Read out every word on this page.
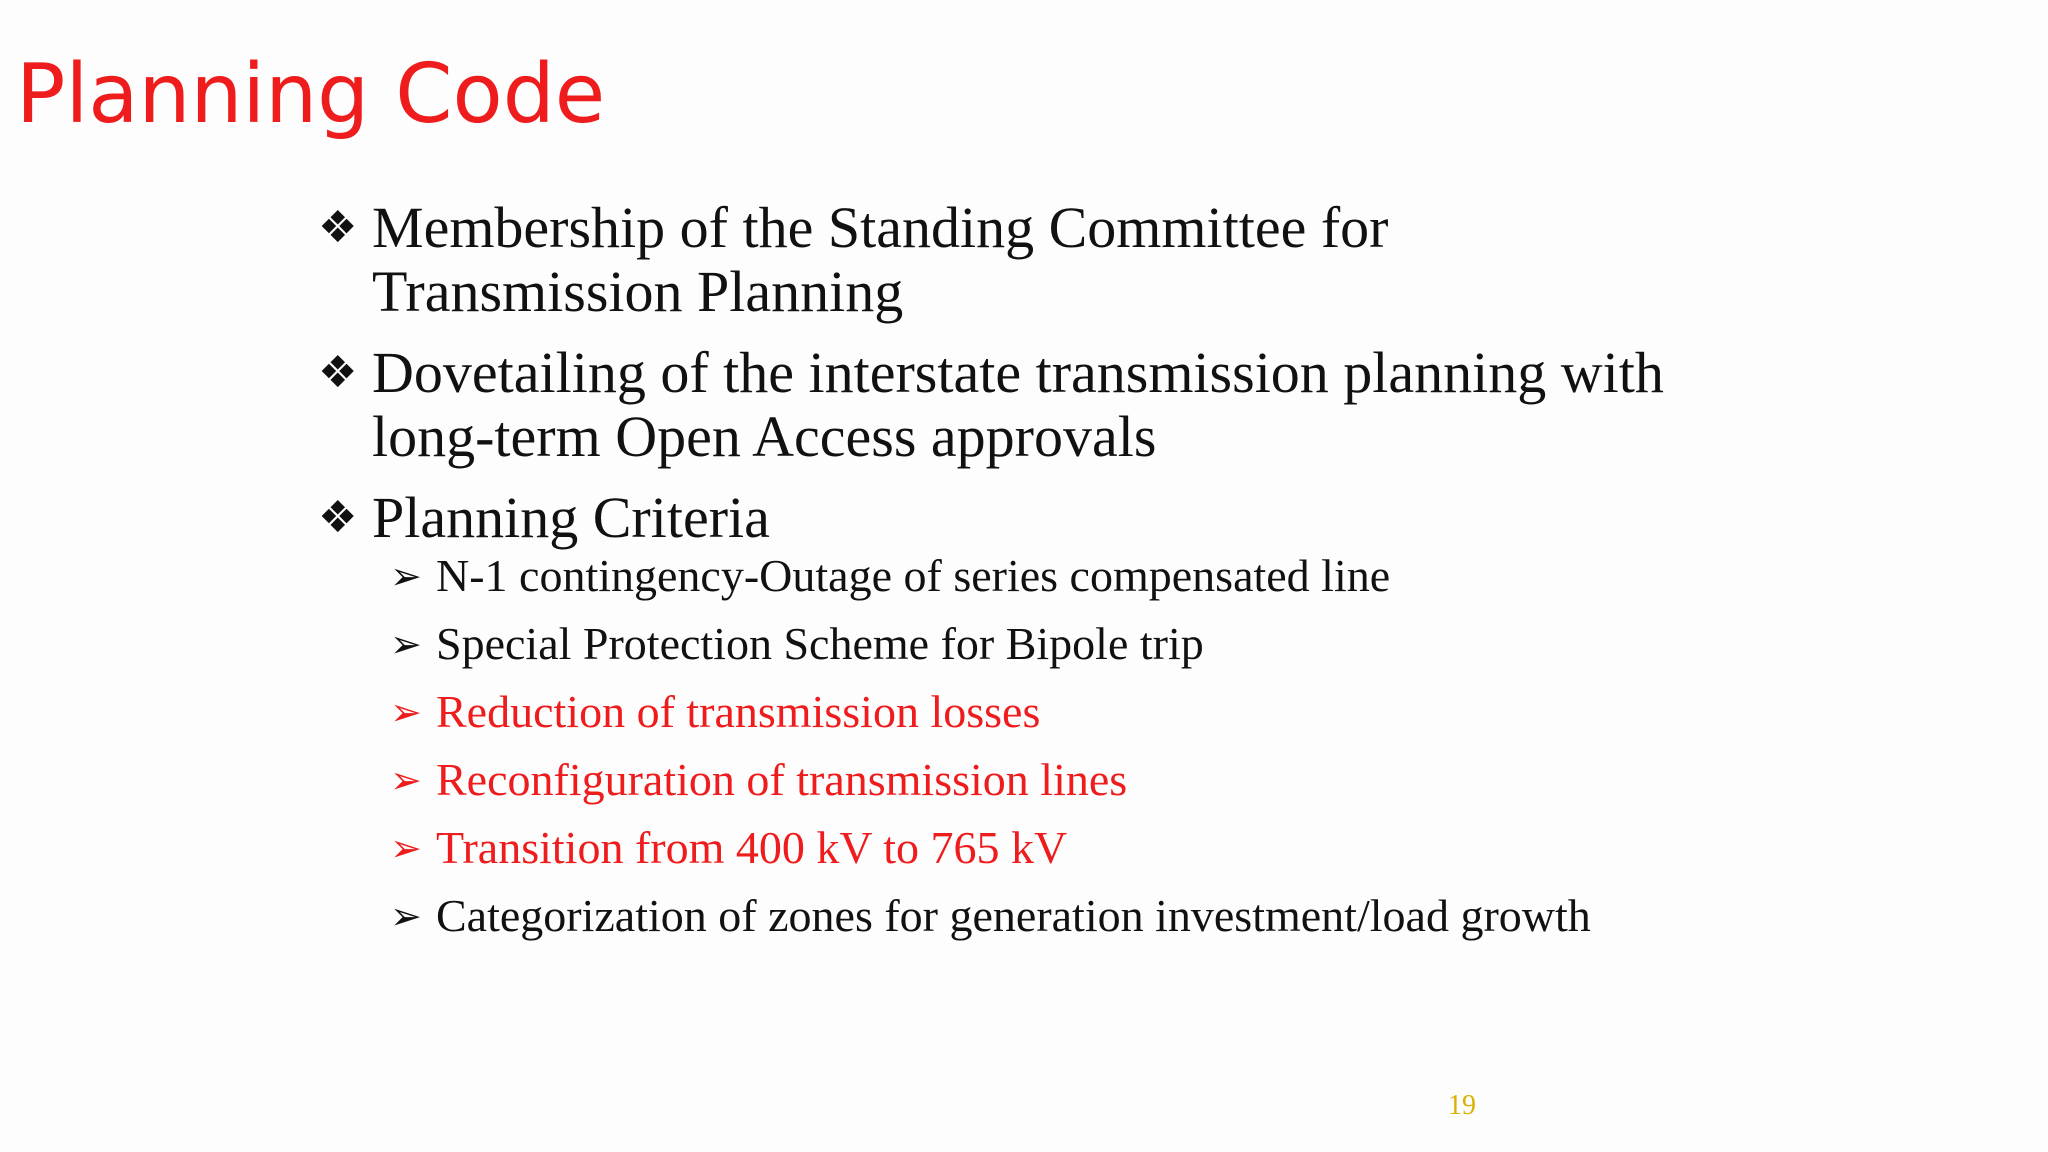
Planning Code
❖ Membership of the Standing Committee for
Transmission Planning
❖ Dovetailing of the interstate transmission planning with
long-term Open Access approvals
❖ Planning Criteria
➢ N-1 contingency-Outage of series compensated line
➢ Special Protection Scheme for Bipole trip
➢ Reduction of transmission losses
➢ Reconfiguration of transmission lines
➢ Transition from 400 kV to 765 kV
➢ Categorization of zones for generation investment/load growth
19
